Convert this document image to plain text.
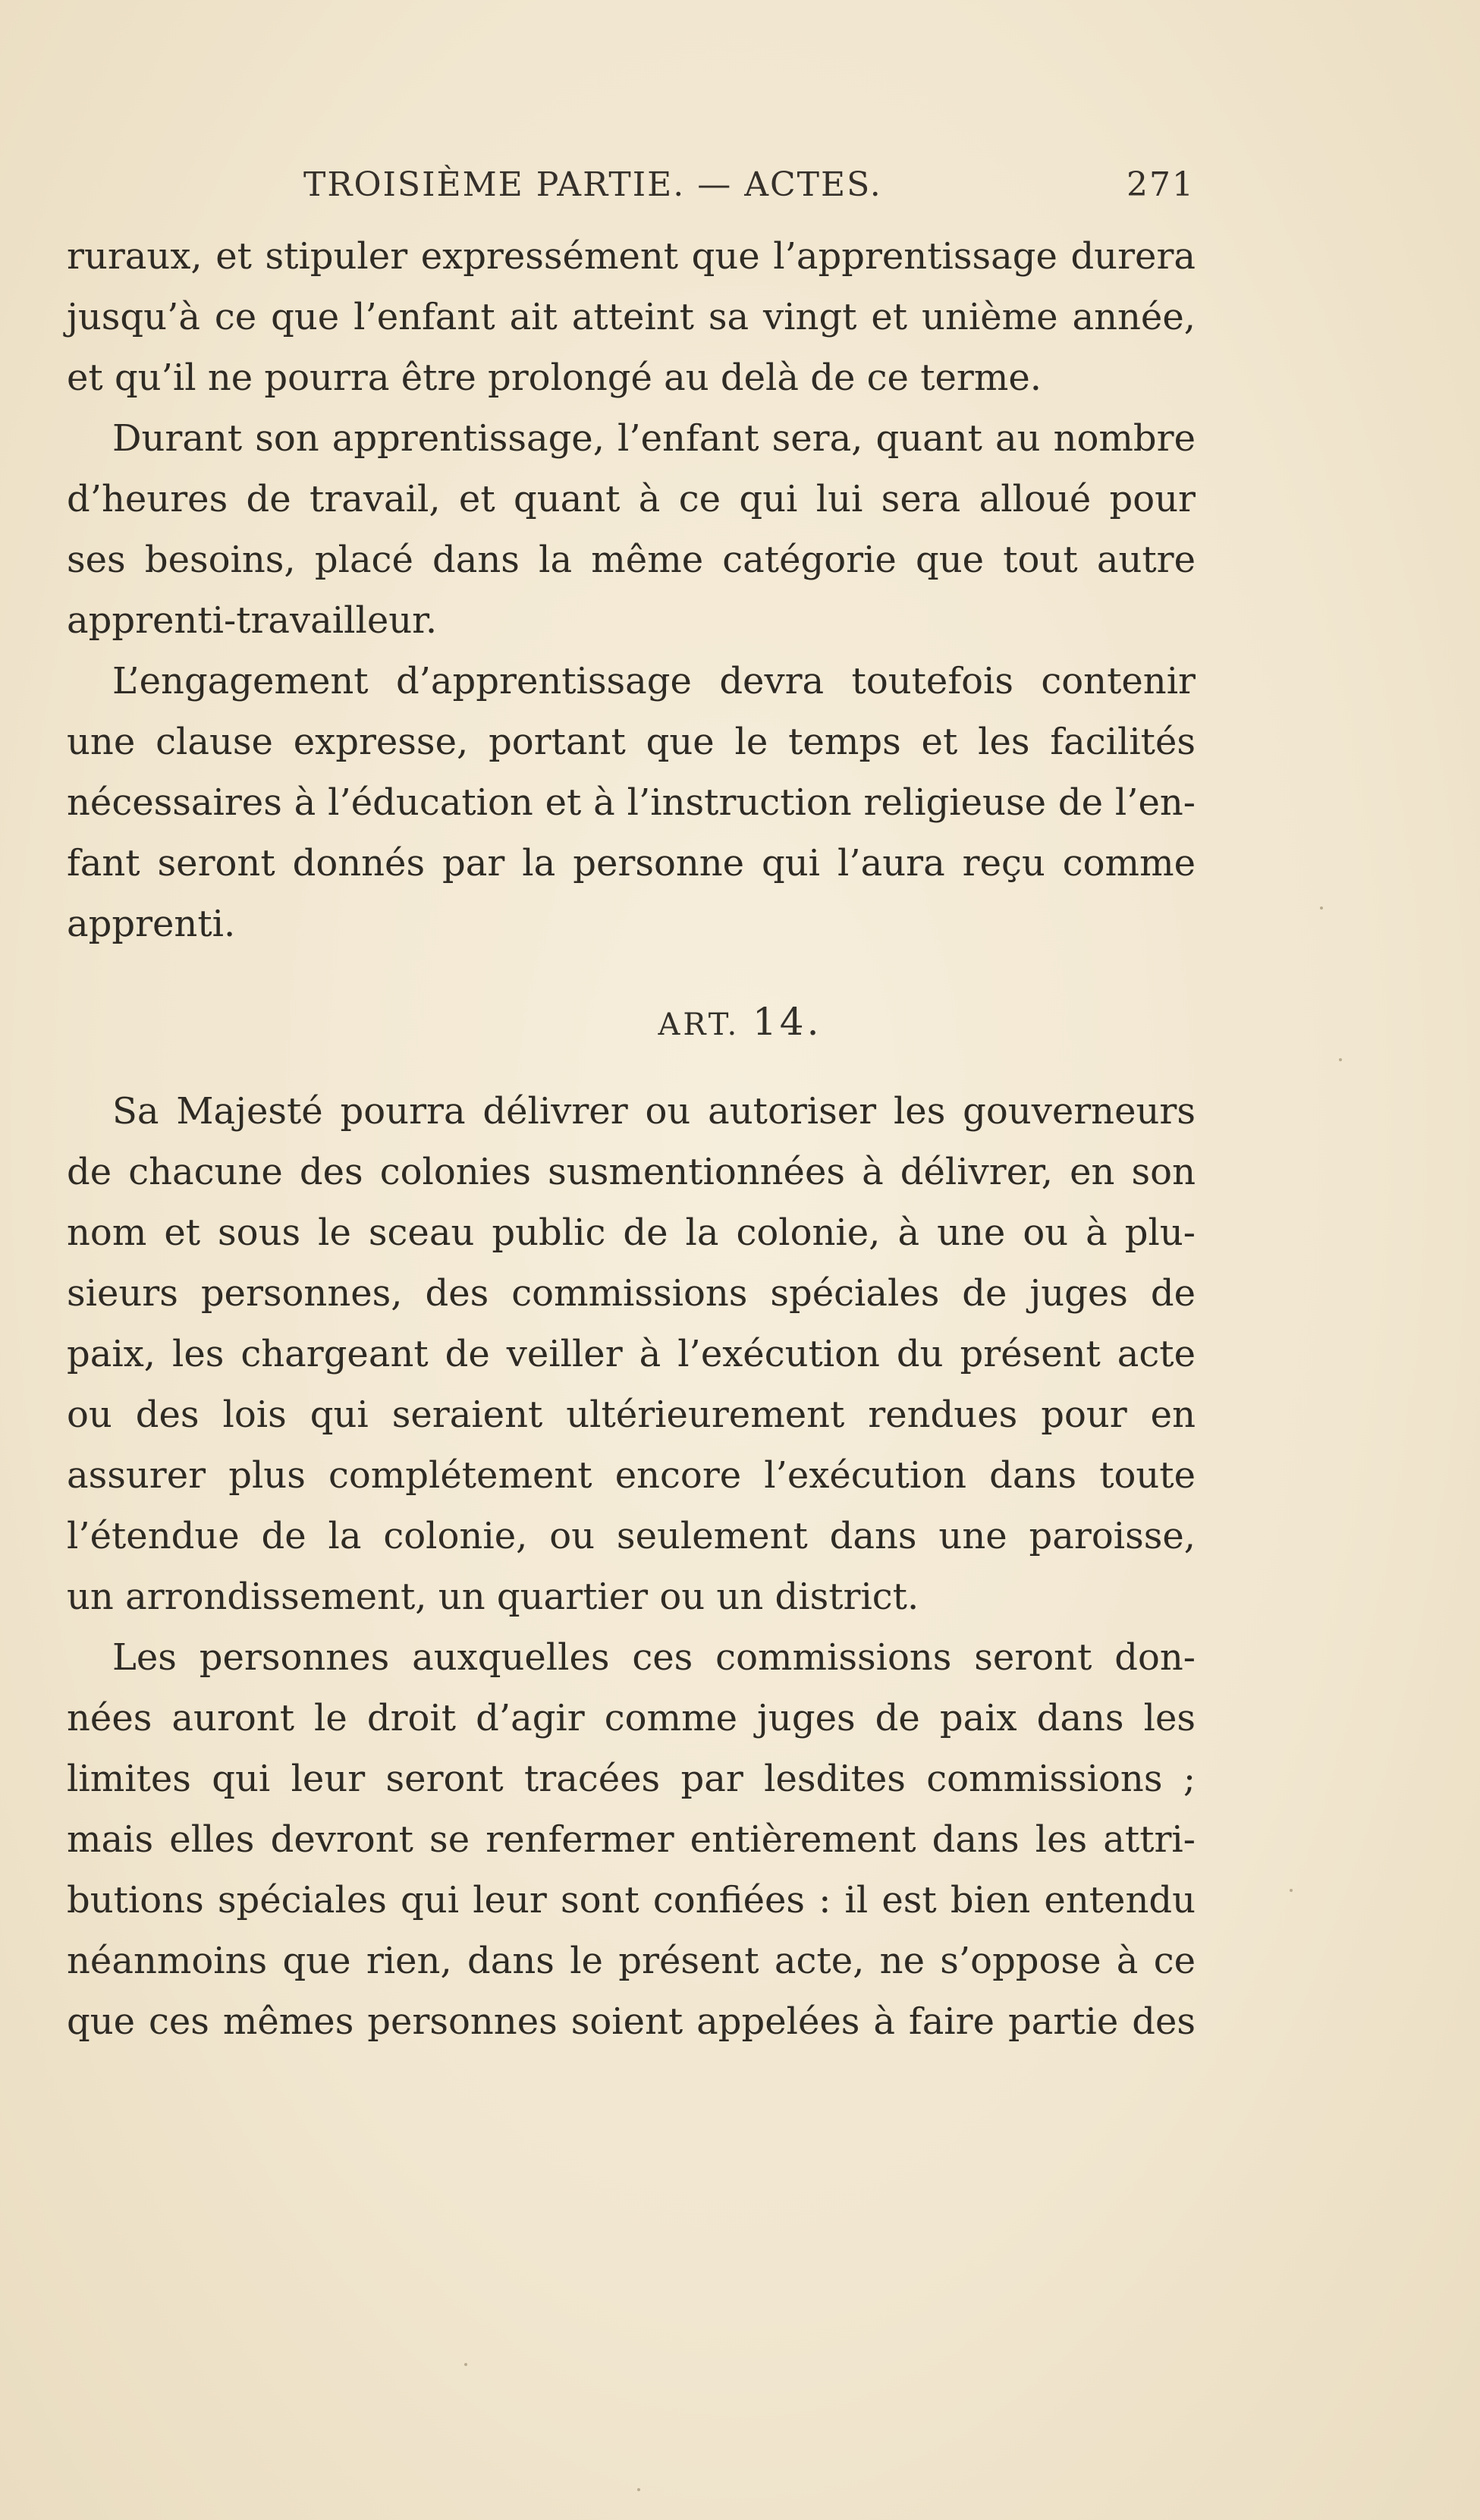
TROISIÈME PARTIE. — ACTES.	271
ruraux, et stipuler expressément que l’apprentissage durera
jusqu’à ce que l’enfant ait atteint sa vingt et unième année,
et qu’il ne pourra être prolongé au delà de ce terme.
Durant son apprentissage, l’enfant sera, quant au nombre
d’heures de travail, et quant à ce qui lui sera alloué pour
ses besoins, placé dans la même catégorie que tout autre
apprenti-travailleur.
L’engagement d’apprentissage devra toutefois contenir
une clause expresse, portant que le temps et les facilités
nécessaires à l’éducation et à l’instruction religieuse de l’en-
fant seront donnés par la personne qui l’aura reçu comme
apprenti.
ART. 14.
Sa Majesté pourra délivrer ou autoriser les gouverneurs
de chacune des colonies susmentionnées à délivrer, en son
nom et sous le sceau public de la colonie, à une ou à plu-
sieurs personnes, des commissions spéciales de juges de
paix, les chargeant de veiller à l’exécution du présent acte
ou des lois qui seraient ultérieurement rendues pour en
assurer plus complétement encore l’exécution dans toute
l’étendue de la colonie, ou seulement dans une paroisse,
un arrondissement, un quartier ou un district.
Les personnes auxquelles ces commissions seront don-
nées auront le droit d’agir comme juges de paix dans les
limites qui leur seront tracées par lesdites commissions ;
mais elles devront se renfermer entièrement dans les attri-
butions spéciales qui leur sont confiées : il est bien entendu
néanmoins que rien, dans le présent acte, ne s’oppose à ce
que ces mêmes personnes soient appelées à faire partie des
